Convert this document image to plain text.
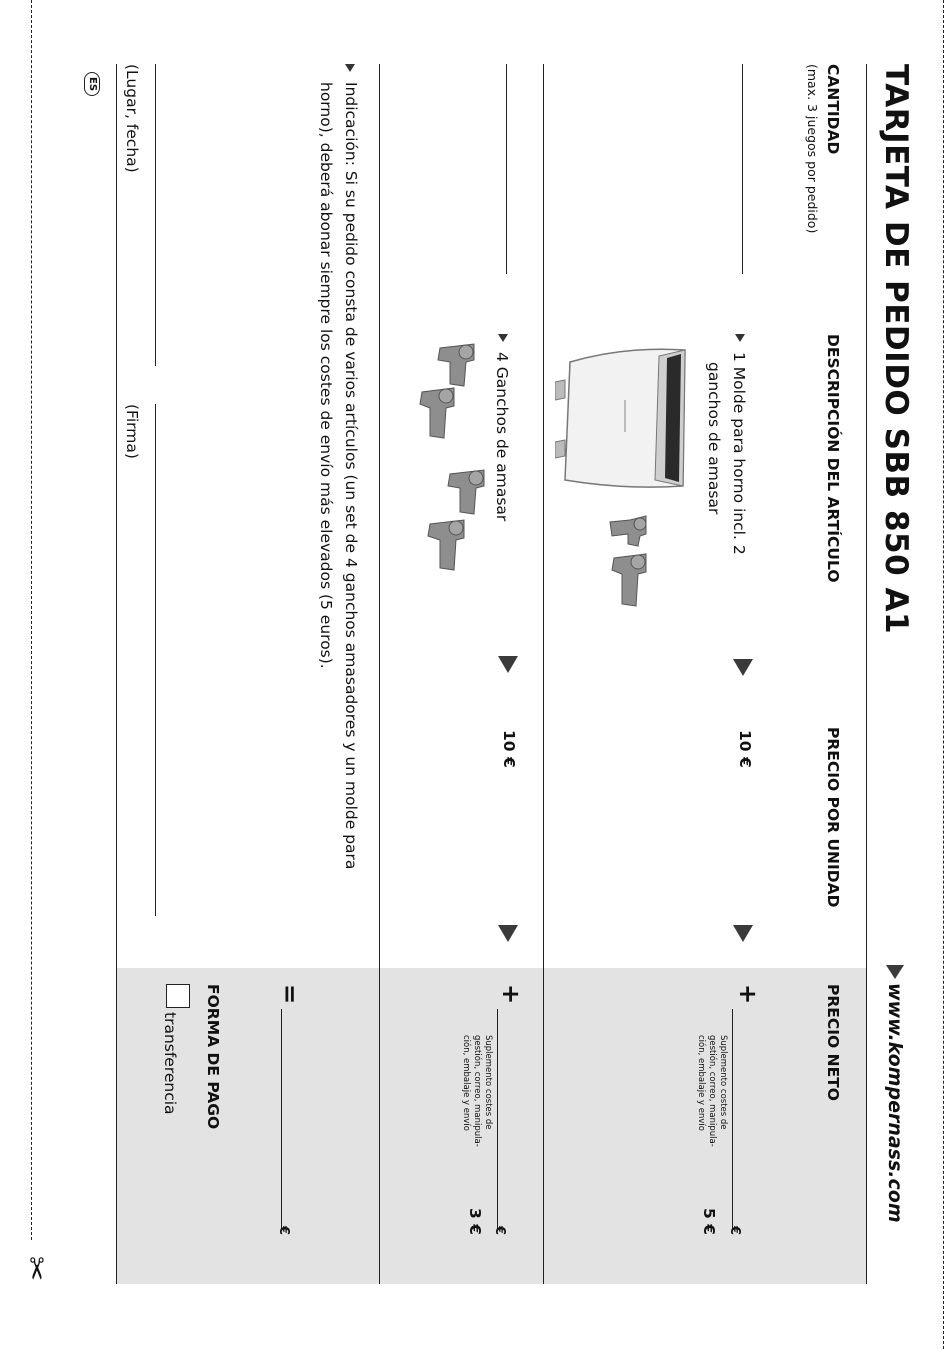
✂
TARJETA DE PEDIDO SBB 850 A1
www.kompernass.com
CANTIDAD
(max. 3 juegos por pedido)
DESCRIPCIÓN DEL ARTÍCULO
PRECIO POR UNIDAD
PRECIO NETO
1 Molde para horno incl. 2
ganchos de amasar
10 €
+
€
Suplemento costes de
gestión, correo, manipula-
ción, embalaje y envío
5 €
4 Ganchos de amasar
10 €
+
€
Suplemento costes de
gestión, correo, manipula-
ción, embalaje y envío
3 €
Indicación: Si su pedido consta de varios artículos (un set de 4 ganchos amasadores y un molde para
horno), deberá abonar siempre los costes de envío más elevados (5 euros).
=
€
FORMA DE PAGO
transferencia
(Lugar, fecha)
(Firma)
ES
